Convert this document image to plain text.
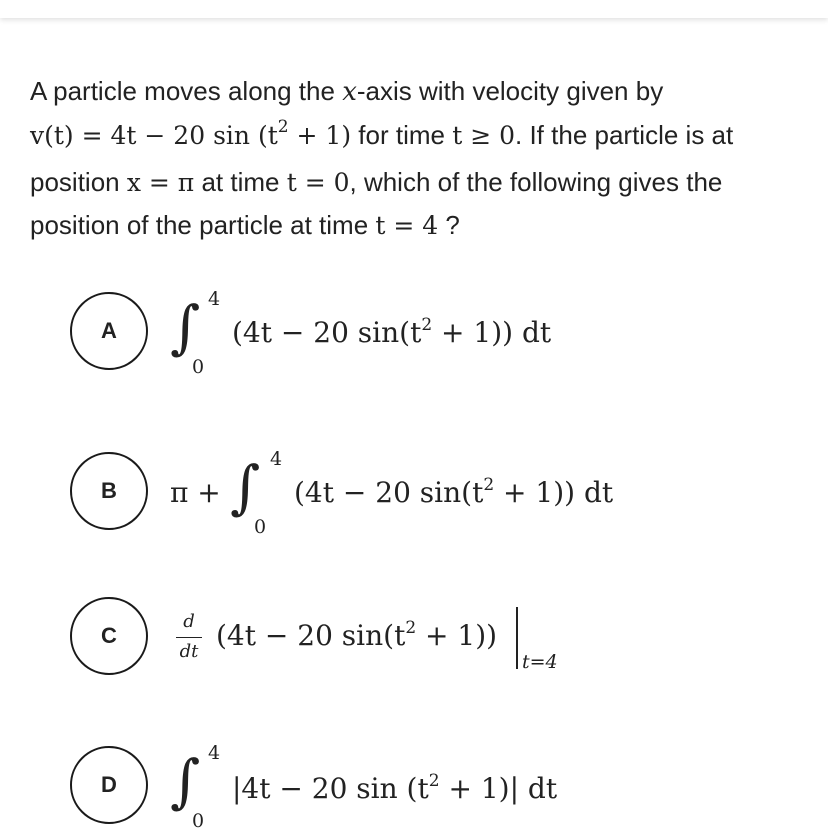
A particle moves along the x-axis with velocity given by
v(t) = 4t − 20 $\sin (t^2 + 1)$ for time t ≥ 0. If the particle is at position x = π at time t = 0, which of the following gives the position of the particle at time t = 4 ?
A ∫ 4
0
(4t − 20 $\sin(t^2 + 1)$) dt
B	π + ∫ 4
0
(4t − 20 $\sin(t^2 + 1)$) dt
C
d
dt (4t − 20 $\sin(t^2 + 1)$)
t=4
D ∫ 4
0
|4t − 20 $\sin (t^2 + 1)|$ dt
